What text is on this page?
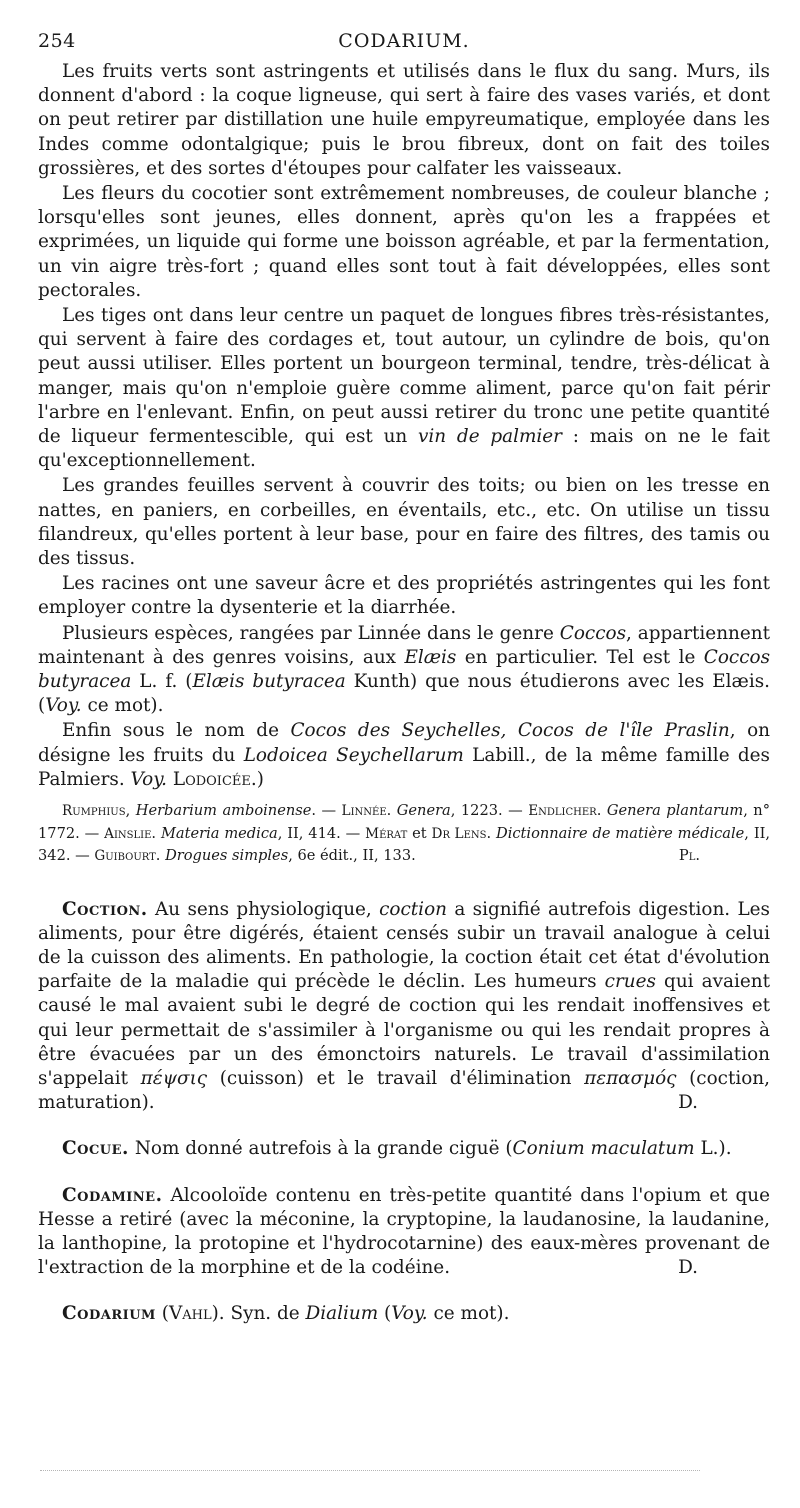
254	CODARIUM.

Les fruits verts sont astringents et utilisés dans le flux du sang. Murs, ils donnent d'abord : la coque ligneuse, qui sert à faire des vases variés, et dont on peut retirer par distillation une huile empyreumatique, employée dans les Indes comme odontalgique; puis le brou fibreux, dont on fait des toiles grossières, et des sortes d'étoupes pour calfater les vaisseaux.

Les fleurs du cocotier sont extrêmement nombreuses, de couleur blanche ; lorsqu'elles sont jeunes, elles donnent, après qu'on les a frappées et exprimées, un liquide qui forme une boisson agréable, et par la fermentation, un vin aigre très-fort ; quand elles sont tout à fait développées, elles sont pectorales.

Les tiges ont dans leur centre un paquet de longues fibres très-résistantes, qui servent à faire des cordages et, tout autour, un cylindre de bois, qu'on peut aussi utiliser. Elles portent un bourgeon terminal, tendre, très-délicat à manger, mais qu'on n'emploie guère comme aliment, parce qu'on fait périr l'arbre en l'enlevant. Enfin, on peut aussi retirer du tronc une petite quantité de liqueur fermentescible, qui est un vin de palmier : mais on ne le fait qu'exceptionnellement.

Les grandes feuilles servent à couvrir des toits; ou bien on les tresse en nattes, en paniers, en corbeilles, en éventails, etc., etc. On utilise un tissu filandreux, qu'elles portent à leur base, pour en faire des filtres, des tamis ou des tissus.

Les racines ont une saveur âcre et des propriétés astringentes qui les font employer contre la dysenterie et la diarrhée.

Plusieurs espèces, rangées par Linnée dans le genre Coccos, appartiennent maintenant à des genres voisins, aux Elæis en particulier. Tel est le Coccos butyracea L. f. (Elæis butyracea Kunth) que nous étudierons avec les Elæis. (Voy. ce mot).

Enfin sous le nom de Cocos des Seychelles, Cocos de l'île Praslin, on désigne les fruits du Lodoicea Seychellarum Labill., de la même famille des Palmiers. Voy. Lodoicée.)

Rumphius, Herbarium amboinense. — Linnée. Genera, 1223. — Endlicher. Genera plantarum, n° 1772. — Ainslie. Materia medica, II, 414. — Mérat et Dr Lens. Dictionnaire de matière médicale, II, 342. — Guibourt. Drogues simples, 6e édit., II, 133.	Pl.

Coction. Au sens physiologique, coction a signifié autrefois digestion. Les aliments, pour être digérés, étaient censés subir un travail analogue à celui de la cuisson des aliments. En pathologie, la coction était cet état d'évolution parfaite de la maladie qui précède le déclin. Les humeurs crues qui avaient causé le mal avaient subi le degré de coction qui les rendait inoffensives et qui leur permettait de s'assimiler à l'organisme ou qui les rendait propres à être évacuées par un des émonctoirs naturels. Le travail d'assimilation s'appelait πέψσις (cuisson) et le travail d'élimination πεπασμός (coction, maturation).	D.

Cocue. Nom donné autrefois à la grande ciguë (Conium maculatum L.).

Codamine. Alcooloïde contenu en très-petite quantité dans l'opium et que Hesse a retiré (avec la méconine, la cryptopine, la laudanosine, la laudanine, la lanthopine, la protopine et l'hydrocotarnine) des eaux-mères provenant de l'extraction de la morphine et de la codéine.	D.

Codarium (Vahl). Syn. de Dialium (Voy. ce mot).
